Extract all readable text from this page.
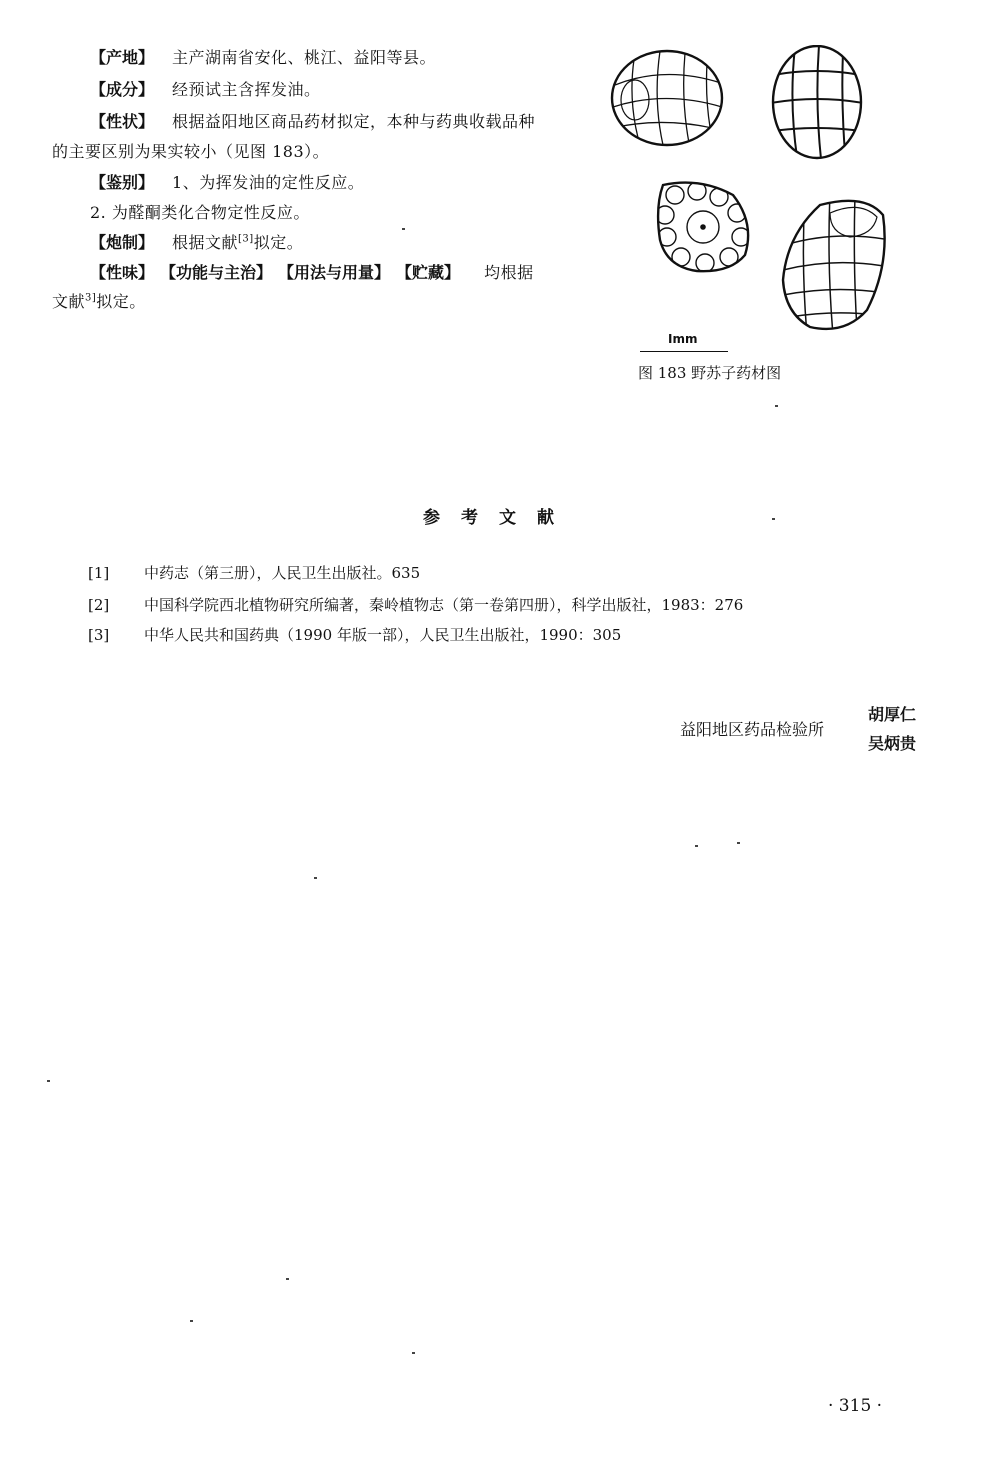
【产地】 主产湖南省安化、桃江、益阳等县。
【成分】 经预试主含挥发油。
【性状】 根据益阳地区商品药材拟定，本种与药典收载品种
的主要区别为果实较小（见图 183）。
【鉴别】 1、为挥发油的定性反应。
2. 为醛酮类化合物定性反应。
【炮制】 根据文献[3]拟定。
【性味】 【功能与主治】 【用法与用量】 【贮藏】 均根据
文献$^{3]}$拟定。
Imm
图 183 野苏子药材图
参考文献
[1] 中药志（第三册），人民卫生出版社。635
[2] 中国科学院西北植物研究所编著，秦岭植物志（第一卷第四册），科学出版社，1983：276
[3] 中华人民共和国药典（1990 年版一部），人民卫生出版社，1990：305
益阳地区药品检验所
胡厚仁
吴炳贵
· 315 ·
